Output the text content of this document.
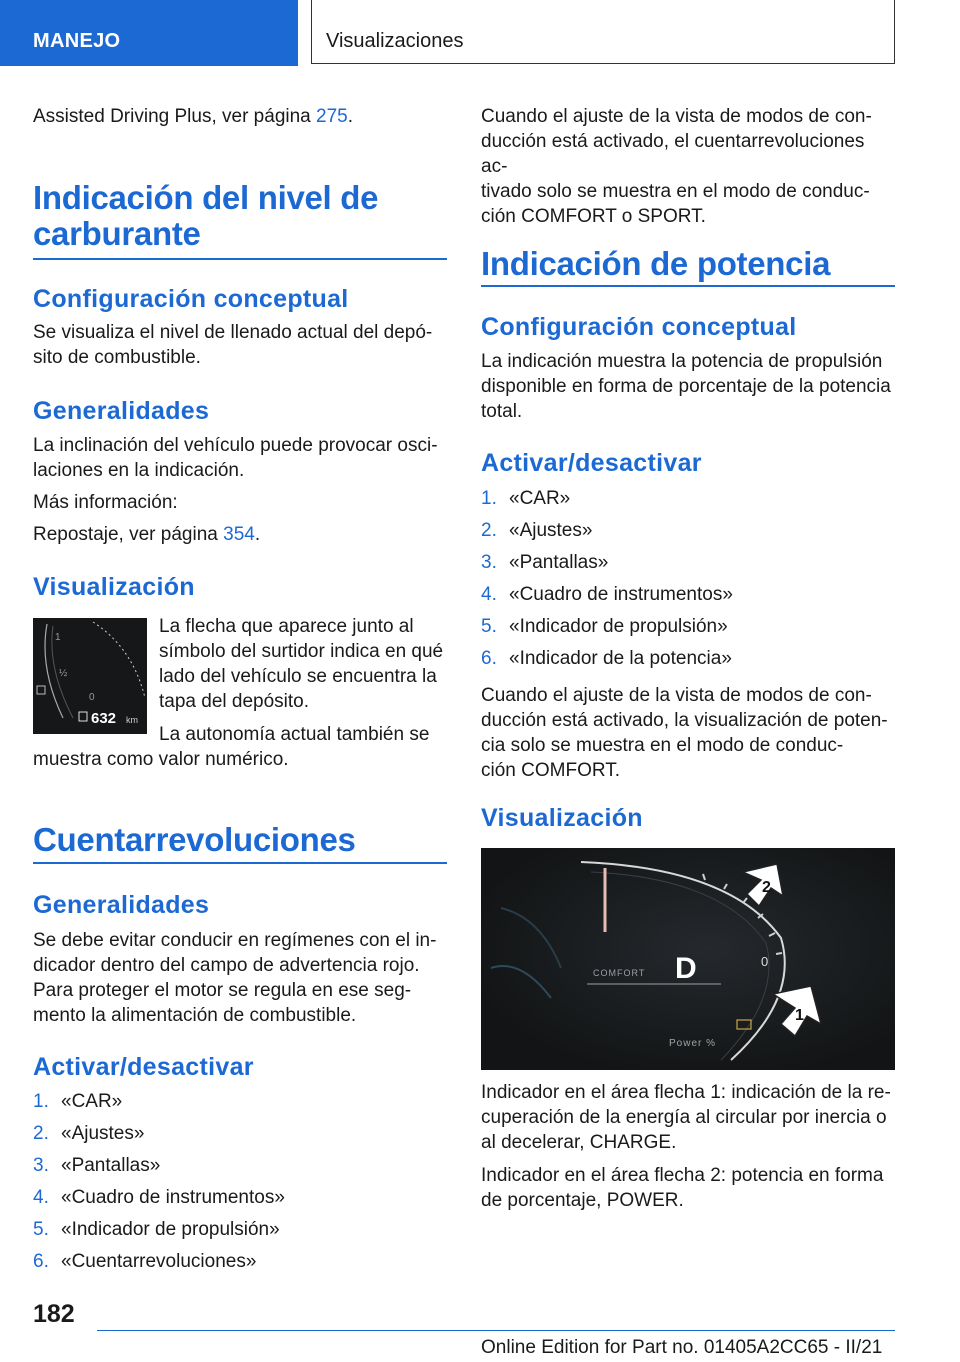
MANEJO	Visualizaciones

Assisted Driving Plus, ver página 275.

Indicación del nivel de
carburante
Configuración conceptual

Se visualiza el nivel de llenado actual del depó-
sito de combustible.

Generalidades

La inclinación del vehículo puede provocar osci-
laciones en la indicación.

Más información:

Repostaje, ver página 354.

Visualización

La flecha que aparece junto al
símbolo del surtidor indica en qué
lado del vehículo se encuentra la
tapa del depósito.

La autonomía actual también se

muestra como valor numérico.

Cuentarrevoluciones
Generalidades

Se debe evitar conducir en regímenes con el in-
dicador dentro del campo de advertencia rojo.
Para proteger el motor se regula en ese seg-
mento la alimentación de combustible.

Activar/desactivar
1. «CAR»
2. «Ajustes»
3. «Pantallas»
4. «Cuadro de instrumentos»
5. «Indicador de propulsión»
6. «Cuentarrevoluciones»
1
½
0
632 km

Cuando el ajuste de la vista de modos de con-
ducción está activado, el cuentarrevoluciones ac-
tivado solo se muestra en el modo de conduc-
ción COMFORT o SPORT.

Indicación de potencia
Configuración conceptual

La indicación muestra la potencia de propulsión
disponible en forma de porcentaje de la potencia
total.

Activar/desactivar
1. «CAR»
2. «Ajustes»
3. «Pantallas»
4. «Cuadro de instrumentos»
5. «Indicador de propulsión»
6. «Indicador de la potencia»

Cuando el ajuste de la vista de modos de con-
ducción está activado, la visualización de poten-
cia solo se muestra en el modo de conduc-
ción COMFORT.

Visualización

Indicador en el área flecha 1: indicación de la re-
cuperación de la energía al circular por inercia o
al decelerar, CHARGE.

Indicador en el área flecha 2: potencia en forma
de porcentaje, POWER.

COMFORT D	0
Power %
2
1
182
Online Edition for Part no. 01405A2CC65 - II/21
